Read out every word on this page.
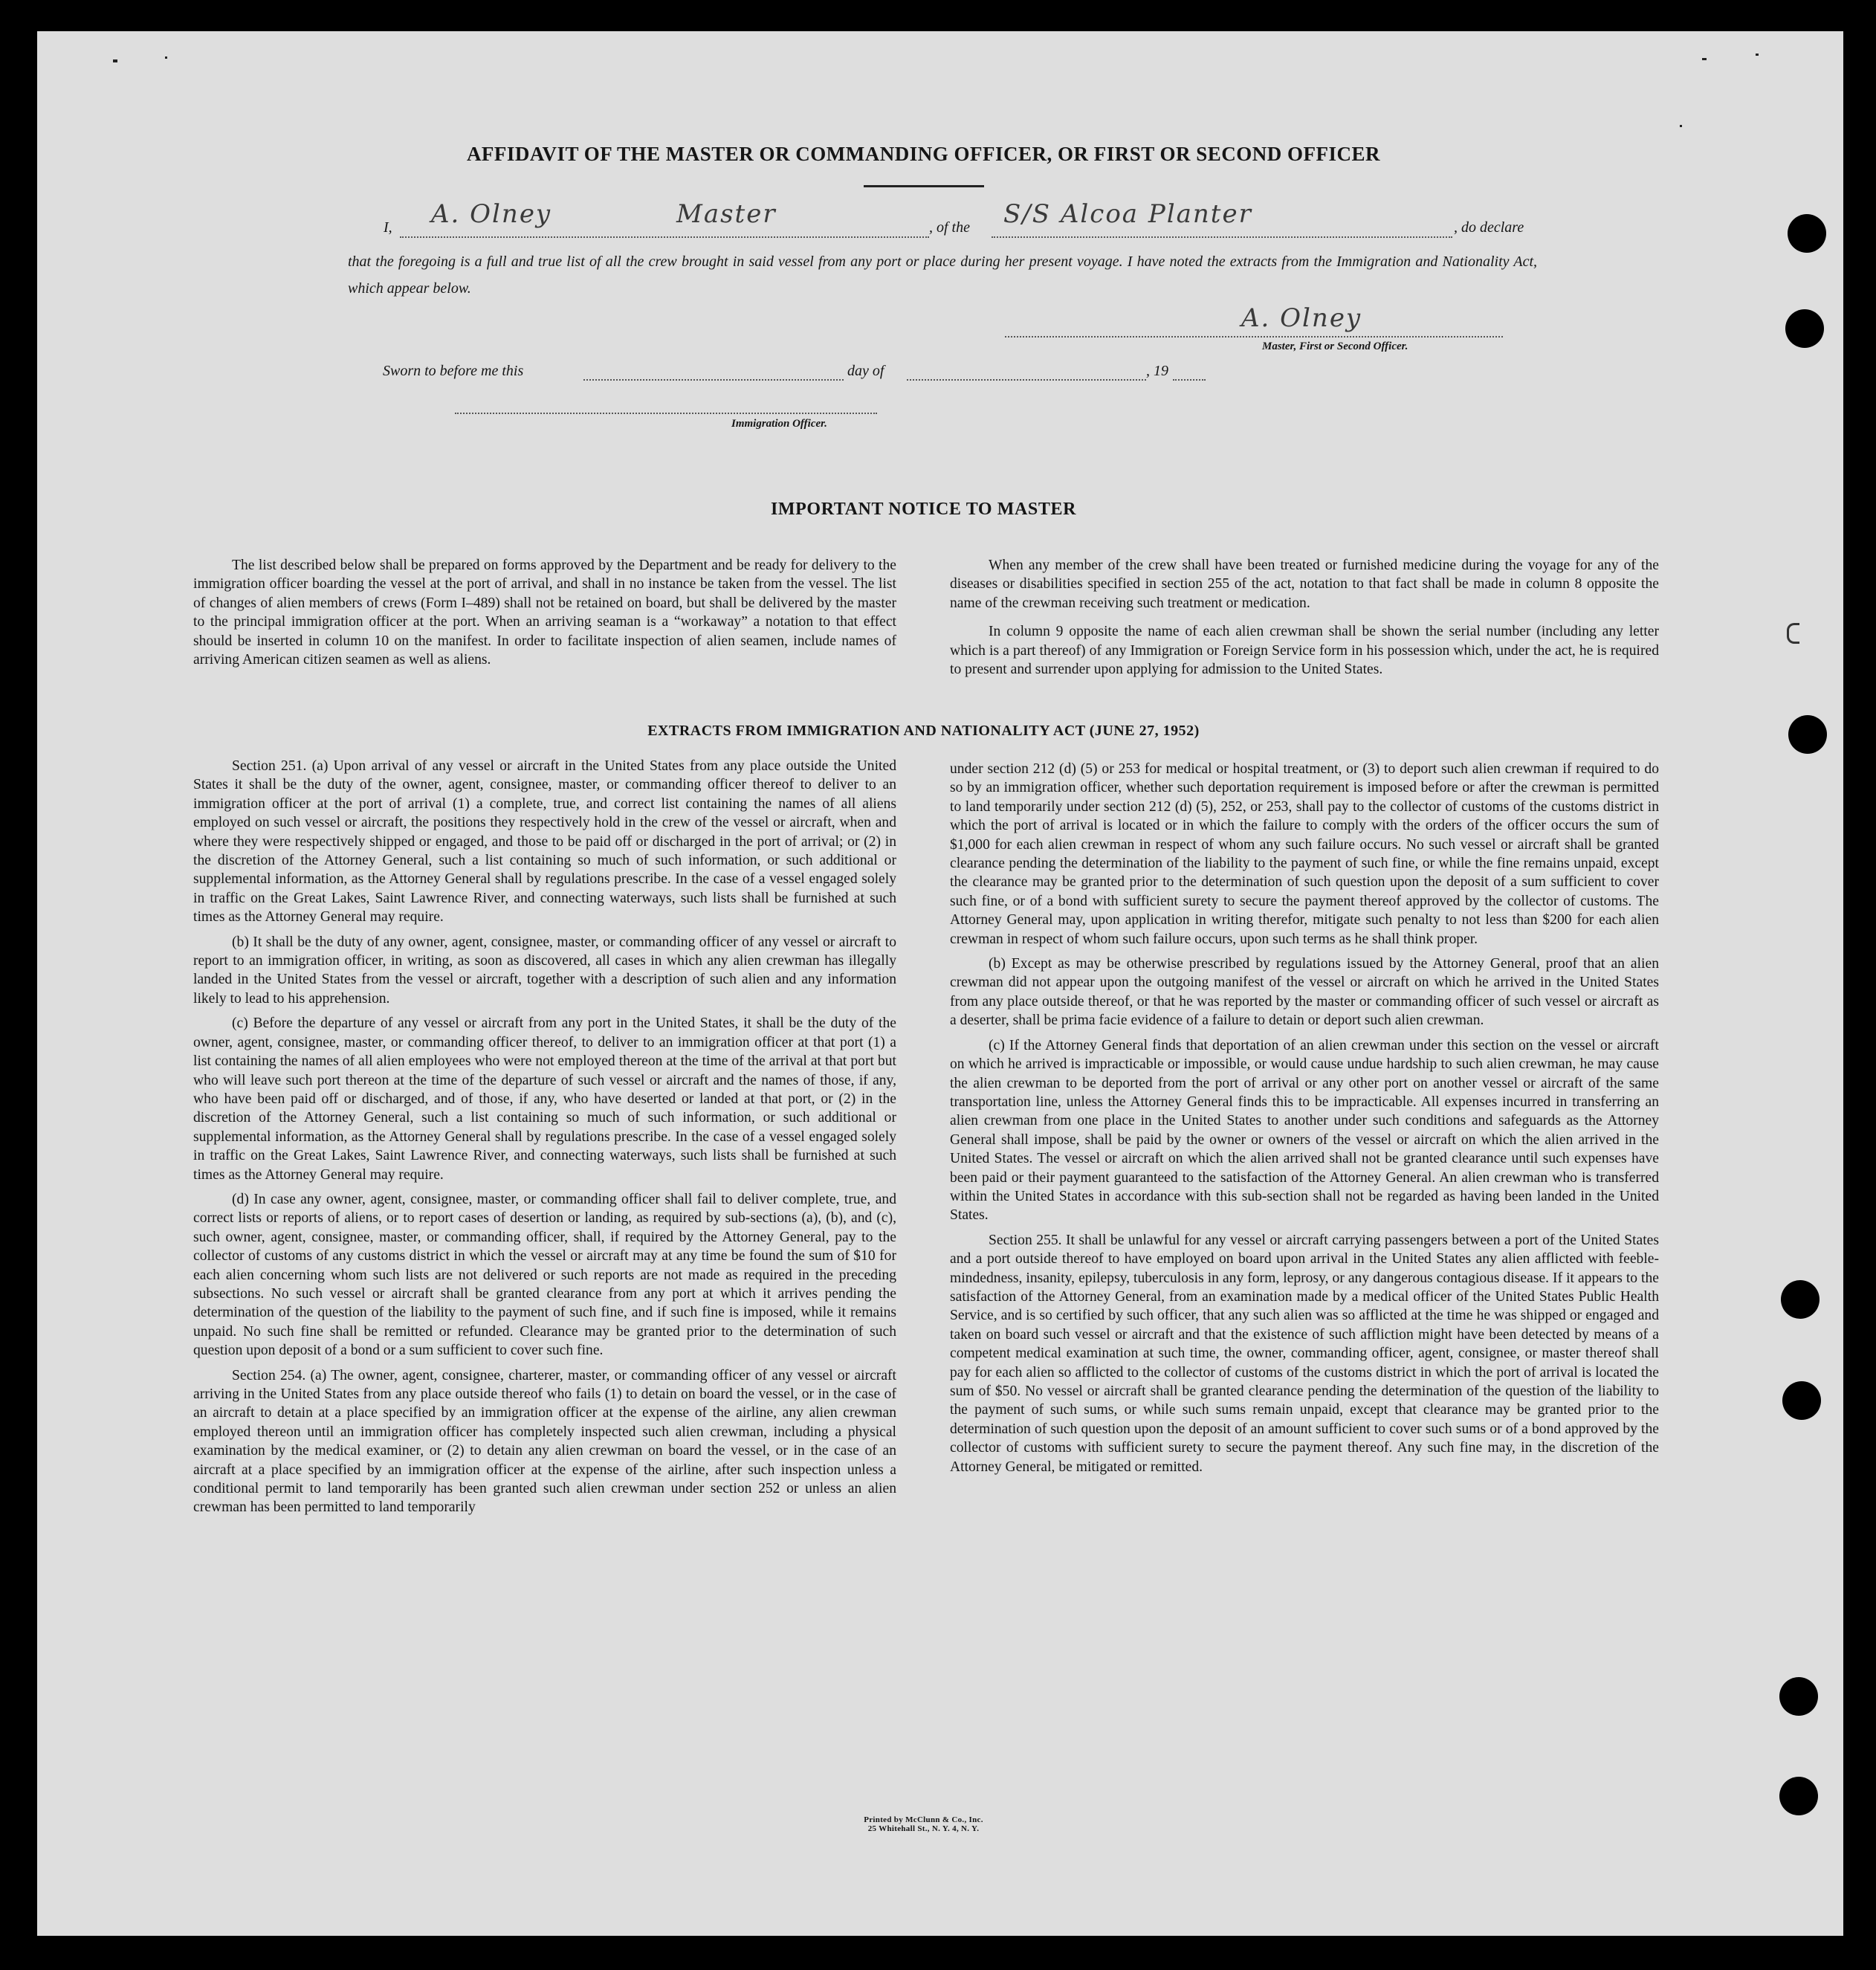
AFFIDAVIT OF THE MASTER OR COMMANDING OFFICER, OR FIRST OR SECOND OFFICER
I, A. Olney	Master	, of the S/S Alcoa Planter	, do declare
that the foregoing is a full and true list of all the crew brought in said vessel from any port or place during her present voyage. I have noted the extracts from the Immigration and Nationality Act, which appear below.
A. Olney
Master, First or Second Officer.
Sworn to before me this	day of	, 19
Immigration Officer.
IMPORTANT NOTICE TO MASTER

The list described below shall be prepared on forms approved by the Department and be ready for delivery to the immigration officer boarding the vessel at the port of arrival, and shall in no instance be taken from the vessel. The list of changes of alien members of crews (Form I–489) shall not be retained on board, but shall be delivered by the master to the principal immigration officer at the port. When an arriving seaman is a “workaway” a notation to that effect should be inserted in column 10 on the manifest. In order to facilitate inspection of alien seamen, include names of arriving American citizen seamen as well as aliens.

When any member of the crew shall have been treated or furnished medicine during the voyage for any of the diseases or disabilities specified in section 255 of the act, notation to that fact shall be made in column 8 opposite the name of the crewman receiving such treatment or medication.

In column 9 opposite the name of each alien crewman shall be shown the serial number (including any letter which is a part thereof) of any Immigration or Foreign Service form in his possession which, under the act, he is required to present and surrender upon applying for admission to the United States.

EXTRACTS FROM IMMIGRATION AND NATIONALITY ACT (JUNE 27, 1952)

Section 251. (a) Upon arrival of any vessel or aircraft in the United States from any place outside the United States it shall be the duty of the owner, agent, consignee, master, or commanding officer thereof to deliver to an immigration officer at the port of arrival (1) a complete, true, and correct list containing the names of all aliens employed on such vessel or aircraft, the positions they respectively hold in the crew of the vessel or aircraft, when and where they were respectively shipped or engaged, and those to be paid off or discharged in the port of arrival; or (2) in the discretion of the Attorney General, such a list containing so much of such information, or such additional or supplemental information, as the Attorney General shall by regulations prescribe. In the case of a vessel engaged solely in traffic on the Great Lakes, Saint Lawrence River, and connecting waterways, such lists shall be furnished at such times as the Attorney General may require.

(b) It shall be the duty of any owner, agent, consignee, master, or commanding officer of any vessel or aircraft to report to an immigration officer, in writing, as soon as discovered, all cases in which any alien crewman has illegally landed in the United States from the vessel or aircraft, together with a description of such alien and any information likely to lead to his apprehension.

(c) Before the departure of any vessel or aircraft from any port in the United States, it shall be the duty of the owner, agent, consignee, master, or commanding officer thereof, to deliver to an immigration officer at that port (1) a list containing the names of all alien employees who were not employed thereon at the time of the arrival at that port but who will leave such port thereon at the time of the departure of such vessel or aircraft and the names of those, if any, who have been paid off or discharged, and of those, if any, who have deserted or landed at that port, or (2) in the discretion of the Attorney General, such a list containing so much of such information, or such additional or supplemental information, as the Attorney General shall by regulations prescribe. In the case of a vessel engaged solely in traffic on the Great Lakes, Saint Lawrence River, and connecting waterways, such lists shall be furnished at such times as the Attorney General may require.

(d) In case any owner, agent, consignee, master, or commanding officer shall fail to deliver complete, true, and correct lists or reports of aliens, or to report cases of desertion or landing, as required by sub-sections (a), (b), and (c), such owner, agent, consignee, master, or commanding officer, shall, if required by the Attorney General, pay to the collector of customs of any customs district in which the vessel or aircraft may at any time be found the sum of $10 for each alien concerning whom such lists are not delivered or such reports are not made as required in the preceding subsections. No such vessel or aircraft shall be granted clearance from any port at which it arrives pending the determination of the question of the liability to the payment of such fine, and if such fine is imposed, while it remains unpaid. No such fine shall be remitted or refunded. Clearance may be granted prior to the determination of such question upon deposit of a bond or a sum sufficient to cover such fine.

Section 254. (a) The owner, agent, consignee, charterer, master, or commanding officer of any vessel or aircraft arriving in the United States from any place outside thereof who fails (1) to detain on board the vessel, or in the case of an aircraft to detain at a place specified by an immigration officer at the expense of the airline, any alien crewman employed thereon until an immigration officer has completely inspected such alien crewman, including a physical examination by the medical examiner, or (2) to detain any alien crewman on board the vessel, or in the case of an aircraft at a place specified by an immigration officer at the expense of the airline, after such inspection unless a conditional permit to land temporarily has been granted such alien crewman under section 252 or unless an alien crewman has been permitted to land temporarily

under section 212 (d) (5) or 253 for medical or hospital treatment, or (3) to deport such alien crewman if required to do so by an immigration officer, whether such deportation requirement is imposed before or after the crewman is permitted to land temporarily under section 212 (d) (5), 252, or 253, shall pay to the collector of customs of the customs district in which the port of arrival is located or in which the failure to comply with the orders of the officer occurs the sum of $1,000 for each alien crewman in respect of whom any such failure occurs. No such vessel or aircraft shall be granted clearance pending the determination of the liability to the payment of such fine, or while the fine remains unpaid, except the clearance may be granted prior to the determination of such question upon the deposit of a sum sufficient to cover such fine, or of a bond with sufficient surety to secure the payment thereof approved by the collector of customs. The Attorney General may, upon application in writing therefor, mitigate such penalty to not less than $200 for each alien crewman in respect of whom such failure occurs, upon such terms as he shall think proper.

(b) Except as may be otherwise prescribed by regulations issued by the Attorney General, proof that an alien crewman did not appear upon the outgoing manifest of the vessel or aircraft on which he arrived in the United States from any place outside thereof, or that he was reported by the master or commanding officer of such vessel or aircraft as a deserter, shall be prima facie evidence of a failure to detain or deport such alien crewman.

(c) If the Attorney General finds that deportation of an alien crewman under this section on the vessel or aircraft on which he arrived is impracticable or impossible, or would cause undue hardship to such alien crewman, he may cause the alien crewman to be deported from the port of arrival or any other port on another vessel or aircraft of the same transportation line, unless the Attorney General finds this to be impracticable. All expenses incurred in transferring an alien crewman from one place in the United States to another under such conditions and safeguards as the Attorney General shall impose, shall be paid by the owner or owners of the vessel or aircraft on which the alien arrived in the United States. The vessel or aircraft on which the alien arrived shall not be granted clearance until such expenses have been paid or their payment guaranteed to the satisfaction of the Attorney General. An alien crewman who is transferred within the United States in accordance with this sub-section shall not be regarded as having been landed in the United States.

Section 255. It shall be unlawful for any vessel or aircraft carrying passengers between a port of the United States and a port outside thereof to have employed on board upon arrival in the United States any alien afflicted with feeble-mindedness, insanity, epilepsy, tuberculosis in any form, leprosy, or any dangerous contagious disease. If it appears to the satisfaction of the Attorney General, from an examination made by a medical officer of the United States Public Health Service, and is so certified by such officer, that any such alien was so afflicted at the time he was shipped or engaged and taken on board such vessel or aircraft and that the existence of such affliction might have been detected by means of a competent medical examination at such time, the owner, commanding officer, agent, consignee, or master thereof shall pay for each alien so afflicted to the collector of customs of the customs district in which the port of arrival is located the sum of $50. No vessel or aircraft shall be granted clearance pending the determination of the question of the liability to the payment of such sums, or while such sums remain unpaid, except that clearance may be granted prior to the determination of such question upon the deposit of an amount sufficient to cover such sums or of a bond approved by the collector of customs with sufficient surety to secure the payment thereof. Any such fine may, in the discretion of the Attorney General, be mitigated or remitted.

Printed by McClunn & Co., Inc.
25 Whitehall St., N. Y. 4, N. Y.
